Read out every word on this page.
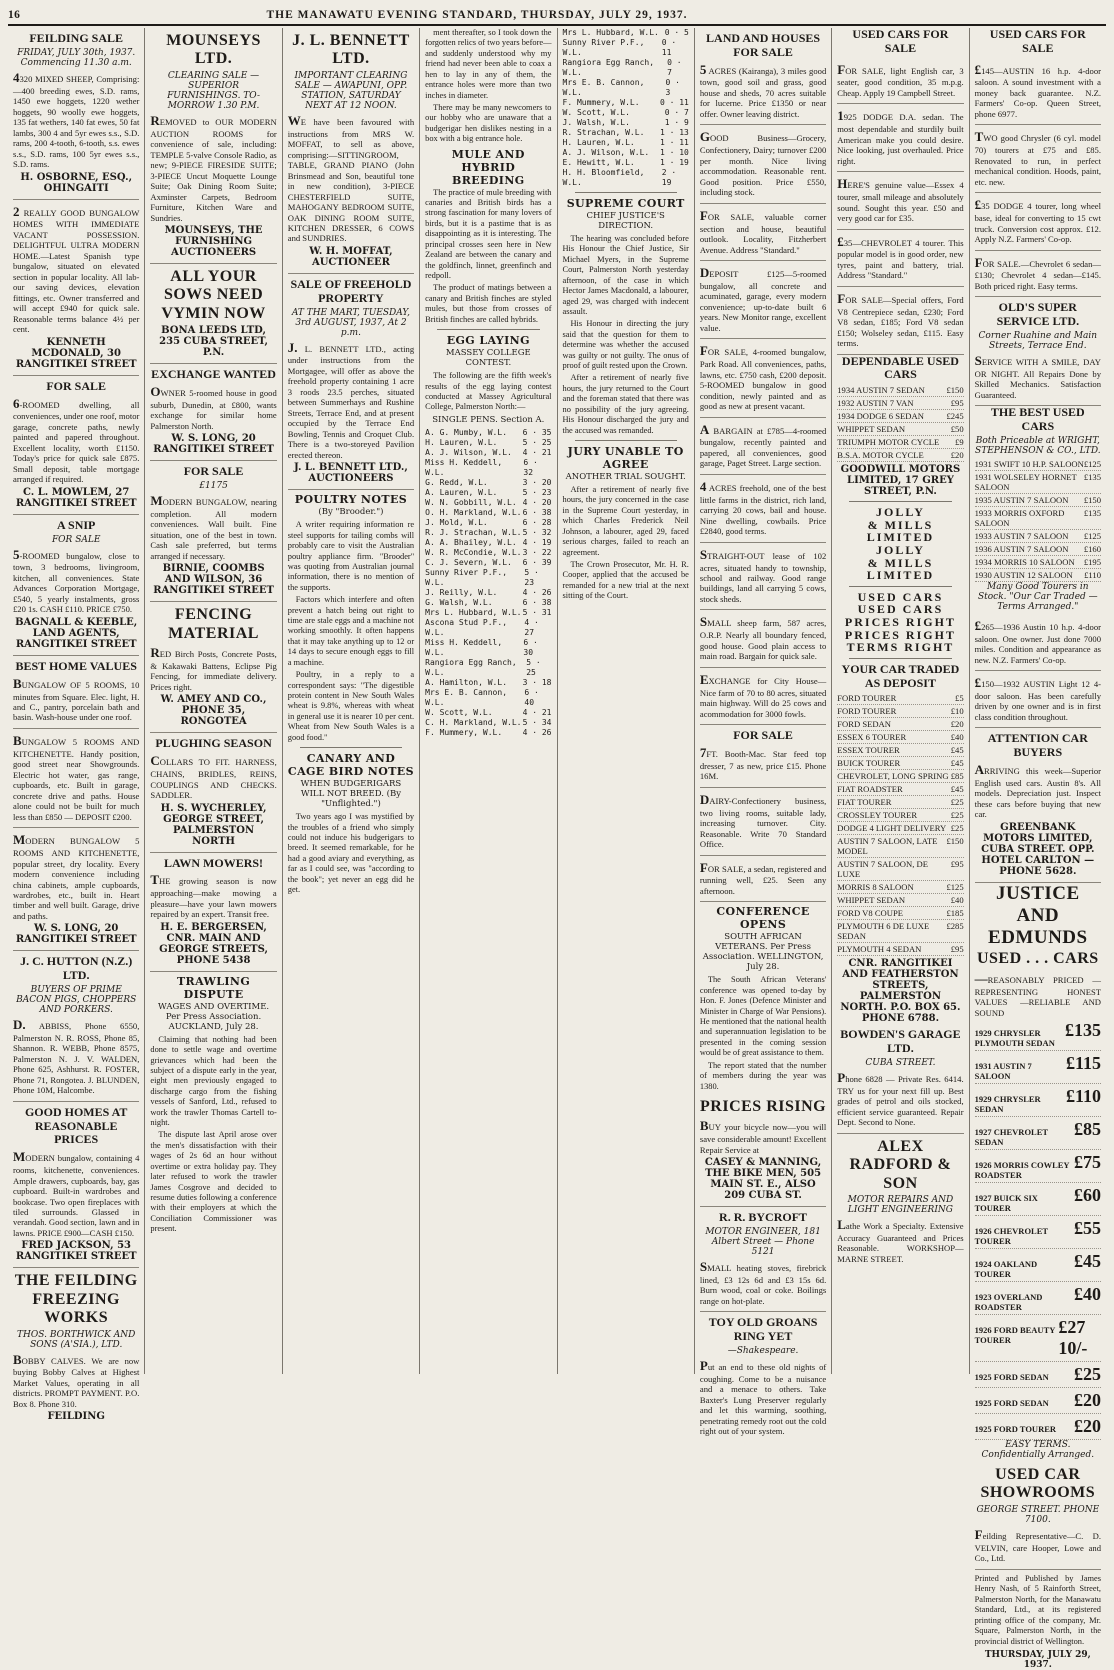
16	THE MANAWATU EVENING STANDARD, THURSDAY, JULY 29, 1937.
FEILDING SALE
FRIDAY, JULY 30th, 1937. Commencing 11.30 a.m.
4320 MIXED SHEEP, Comprising:—400 breeding ewes, S.D. rams, 1450 ewe hoggets, 1220 wether hoggets, 90 woolly ewe hoggets, 135 fat wethers, 140 fat ewes, 50 fat lambs, 300 4 and 5yr ewes s.s., S.D. rams, 200 4-tooth, 6-tooth, s.s. ewes s.s., S.D. rams, 100 5yr ewes s.s., S.D. rams.
H. OSBORNE, ESQ., OHINGAITI
2 REALLY GOOD BUNGALOW HOMES WITH IMMEDIATE VACANT POSSESSION. DELIGHTFUL ULTRA MODERN HOME.—Latest Spanish type bungalow, situated on elevated section in popular locality. All lab-our saving devices, elevation fittings, etc. Owner transferred and will accept £940 for quick sale. Reasonable terms balance 4½ per cent.
KENNETH MCDONALD, 30 RANGITIKEI STREET
FOR SALE
6-ROOMED dwelling, all conveniences, under one roof, motor garage, concrete paths, newly painted and papered throughout. Excellent locality, worth £1150. Today's price for quick sale £875. Small deposit, table mortgage arranged if required.
C. L. MOWLEM, 27 RANGITIKEI STREET
A SNIP
FOR SALE
5-ROOMED bungalow, close to town, 3 bedrooms, livingroom, kitchen, all conveniences. State Advances Corporation Mortgage, £540, 5 yearly instalments, gross £20 1s. CASH £110. PRICE £750.
BAGNALL & KEEBLE, LAND AGENTS, RANGITIKEI STREET
BEST HOME VALUES
BUNGALOW OF 5 ROOMS, 10 minutes from Square. Elec. light, H. and C., pantry, porcelain bath and basin. Wash-house under one roof.
BUNGALOW 5 ROOMS AND KITCHENETTE. Handy position, good street near Showgrounds. Electric hot water, gas range, cupboards, etc. Built in garage, concrete drive and paths. House alone could not be built for much less than £850 — DEPOSIT £200.
MODERN BUNGALOW 5 ROOMS AND KITCHENETTE, popular street, dry locality. Every modern convenience including china cabinets, ample cupboards, wardrobes, etc., built in. Heart timber and well built. Garage, drive and paths.
W. S. LONG, 20 RANGITIKEI STREET
J. C. HUTTON (N.Z.) LTD.
BUYERS OF PRIME BACON PIGS, CHOPPERS AND PORKERS.
D. ABBISS, Phone 6550, Palmerston N. R. ROSS, Phone 85, Shannon. R. WEBB, Phone 8575, Palmerston N. J. V. WALDEN, Phone 625, Ashhurst. R. FOSTER, Phone 71, Rongotea. J. BLUNDEN, Phone 10M, Halcombe.
GOOD HOMES AT REASONABLE PRICES
MODERN bungalow, containing 4 rooms, kitchenette, conveniences. Ample drawers, cupboards, bay, gas cupboard. Built-in wardrobes and bookcase. Two open fireplaces with tiled surrounds. Glassed in verandah. Good section, lawn and in lawns. PRICE £900—CASH £150.
FRED JACKSON, 53 RANGITIKEI STREET
THE FEILDING FREEZING WORKS
THOS. BORTHWICK AND SONS (A'SIA.), LTD.
BOBBY CALVES. We are now buying Bobby Calves at Highest Market Values, operating in all districts. PROMPT PAYMENT. P.O. Box 8. Phone 310.
FEILDING
MOUNSEYS LTD.
CLEARING SALE — SUPERIOR FURNISHINGS. TO-MORROW 1.30 P.M.
REMOVED to OUR MODERN AUCTION ROOMS for convenience of sale, including: TEMPLE 5-valve Console Radio, as new; 9-PIECE FIRESIDE SUITE; 3-PIECE Uncut Moquette Lounge Suite; Oak Dining Room Suite; Axminster Carpets, Bedroom Furniture, Kitchen Ware and Sundries.
MOUNSEYS, THE FURNISHING AUCTIONEERS
ALL YOUR SOWS NEED VYMIN NOW
BONA LEEDS LTD, 235 CUBA STREET, P.N.
EXCHANGE WANTED
OWNER 5-roomed house in good suburb, Dunedin, at £800, wants exchange for similar home Palmerston North.
W. S. LONG, 20 RANGITIKEI STREET
FOR SALE
£1175
MODERN BUNGALOW, nearing completion. All modern conveniences. Wall built. Fine situation, one of the best in town. Cash sale preferred, but terms arranged if necessary.
BIRNIE, COOMBS AND WILSON, 36 RANGITIKEI STREET
FENCING MATERIAL
RED Birch Posts, Concrete Posts, & Kakawaki Battens, Eclipse Pig Fencing, for immediate delivery. Prices right.
W. AMEY AND CO., PHONE 35, RONGOTEA
PLUGHING SEASON
COLLARS TO FIT. HARNESS, CHAINS, BRIDLES, REINS, COUPLINGS AND CHECKS. SADDLER.
H. S. WYCHERLEY, GEORGE STREET, PALMERSTON NORTH
LAWN MOWERS!
THE growing season is now approaching—make mowing a pleasure—have your lawn mowers repaired by an expert. Transit free.
H. E. BERGERSEN, CNR. MAIN AND GEORGE STREETS, PHONE 5438
TRAWLING DISPUTE
WAGES AND OVERTIME. Per Press Association. AUCKLAND, July 28.
Claiming that nothing had been done to settle wage and overtime grievances which had been the subject of a dispute early in the year, eight men previously engaged to discharge cargo from the fishing vessels of Sanford, Ltd., refused to work the trawler Thomas Cartell to-night.
The dispute last April arose over the men's dissatisfaction with their wages of 2s 6d an hour without overtime or extra holiday pay. They later refused to work the trawler James Cosgrove and decided to resume duties following a conference with their employers at which the Conciliation Commissioner was present.
J. L. BENNETT LTD.
IMPORTANT CLEARING SALE — AWAPUNI, OPP. STATION, SATURDAY NEXT AT 12 NOON.
WE have been favoured with instructions from MRS W. MOFFAT, to sell as above, comprising:—SITTINGROOM, TABLE, GRAND PIANO (John Brinsmead and Son, beautiful tone in new condition), 3-PIECE CHESTERFIELD SUITE, MAHOGANY BEDROOM SUITE, OAK DINING ROOM SUITE, KITCHEN DRESSER, 6 COWS and SUNDRIES.
W. H. MOFFAT, AUCTIONEER
SALE OF FREEHOLD PROPERTY
AT THE MART, TUESDAY, 3rd AUGUST, 1937, At 2 p.m.
J. L. BENNETT LTD., acting under instructions from the Mortgagee, will offer as above the freehold property containing 1 acre 3 roods 23.5 perches, situated between Summerhays and Rushine Streets, Terrace End, and at present occupied by the Terrace End Bowling, Tennis and Croquet Club. There is a two-storeyed Pavilion erected thereon.
J. L. BENNETT LTD., AUCTIONEERS
POULTRY NOTES
(By "Brooder.")
A writer requiring information re steel supports for tailing combs will probably care to visit the Australian poultry appliance firm. "Brooder" was quoting from Australian journal information, there is no mention of the supports.
Factors which interfere and often prevent a hatch being out right to time are stale eggs and a machine not working smoothly. It often happens that it may take anything up to 12 or 14 days to secure enough eggs to fill a machine.
Poultry, in a reply to a correspondent says: "The digestible protein content in New South Wales wheat is 9.8%, whereas with wheat in general use it is nearer 10 per cent. Wheat from New South Wales is a good food."
CANARY AND CAGE BIRD NOTES
WHEN BUDGERIGARS WILL NOT BREED. (By "Unflighted.")
Two years ago I was mystified by the troubles of a friend who simply could not induce his budgerigars to breed. It seemed remarkable, for he had a good aviary and everything, as far as I could see, was "according to the book"; yet never an egg did he get.
ment thereafter, so I took down the forgotten relics of two years before—and suddenly understood why my friend had never been able to coax a hen to lay in any of them, the entrance holes were more than two inches in diameter.
There may be many newcomers to our hobby who are unaware that a budgerigar hen dislikes nesting in a box with a big entrance hole.
MULE AND HYBRID BREEDING
The practice of mule breeding with canaries and British birds has a strong fascination for many lovers of birds, but it is a pastime that is as disappointing as it is interesting. The principal crosses seen here in New Zealand are between the canary and the goldfinch, linnet, greenfinch and redpoll.
The product of matings between a canary and British finches are styled mules, but those from crosses of British finches are called hybrids.
EGG LAYING
MASSEY COLLEGE CONTEST.
The following are the fifth week's results of the egg laying contest conducted at Massey Agricultural College, Palmerston North:—
SINGLE PENS. Section A.
A. G. Mumby, W.L. 6 · 35
H. Lauren, W.L.	5 · 25
A. J. Wilson, W.L. 4 · 21
Miss H. Keddell, W.L.
6 · 32
G. Redd, W.L.	3 · 20
A. Lauren, W.L.	5 · 23
W. N. Gobbill, W.L. 4 · 20
O. H. Markland, W.L. 6 · 38
J. Mold, W.L.	6 · 28
R. J. Strachan, W.L. 5 · 32
A. A. Bhailey, W.L. 4 · 19
W. R. McCondie, W.L. 3 · 22
C. J. Severn, W.L. 6 · 39
Sunny River P.F., W.L.
5 · 23
J. Reilly, W.L.	4 · 26
G. Walsh, W.L.	6 · 38
Mrs L. Hubbard, W.L. 5 · 31
Ascona Stud P.F., W.L.
4 · 27
Miss H. Keddell, W.L.
6 · 30
Rangiora Egg Ranch, W.L.
5 · 25
A. Hamilton, W.L. 3 · 18
Mrs E. B. Cannon, W.L.
6 · 40
W. Scott, W.L.	4 · 21
C. H. Markland, W.L. 5 · 34
F. Mummery, W.L.	4 · 26
Mrs L. Hubbard, W.L. 0 · 5
Sunny River P.F., W.L.
0 · 11
Rangiora Egg Ranch, W.L.
0 · 7
Mrs E. B. Cannon, W.L.
0 · 3
F. Mummery, W.L.	0 · 11
W. Scott, W.L.	0 · 7
J. Walsh, W.L.	1 · 9
R. Strachan, W.L. 1 · 13
H. Lauren, W.L.	1 · 11
A. J. Wilson, W.L. 1 · 10
E. Hewitt, W.L.	1 · 19
H. H. Bloomfield, W.L.
2 · 19
SUPREME COURT
CHIEF JUSTICE'S DIRECTION.
The hearing was concluded before His Honour the Chief Justice, Sir Michael Myers, in the Supreme Court, Palmerston North yesterday afternoon, of the case in which Hector James Macdonald, a labourer, aged 29, was charged with indecent assault.
His Honour in directing the jury said that the question for them to determine was whether the accused was guilty or not guilty. The onus of proof of guilt rested upon the Crown.
After a retirement of nearly five hours, the jury returned to the Court and the foreman stated that there was no possibility of the jury agreeing. His Honour discharged the jury and the accused was remanded.
JURY UNABLE TO AGREE
ANOTHER TRIAL SOUGHT.
After a retirement of nearly five hours, the jury concerned in the case in the Supreme Court yesterday, in which Charles Frederick Neil Johnson, a labourer, aged 29, faced serious charges, failed to reach an agreement.
The Crown Prosecutor, Mr. H. R. Cooper, applied that the accused be remanded for a new trial at the next sitting of the Court.
LAND AND HOUSES FOR SALE
5 ACRES (Kairanga), 3 miles good town, good soil and grass, good house and sheds, 70 acres suitable for lucerne. Price £1350 or near offer. Owner leaving district.
GOOD Business—Grocery, Confectionery, Dairy; turnover £200 per month. Nice living accommodation. Reasonable rent. Good position. Price £550, including stock.
FOR SALE, valuable corner section and house, beautiful outlook. Locality, Fitzherbert Avenue. Address "Standard."
DEPOSIT £125—5-roomed bungalow, all concrete and acuminated, garage, every modern convenience; up-to-date built 6 years. New Monitor range, excellent value.
FOR SALE, 4-roomed bungalow, Park Road. All conveniences, paths, lawns, etc. £750 cash, £200 deposit. 5-ROOMED bungalow in good condition, newly painted and as good as new at present vacant.
A BARGAIN at £785—4-roomed bungalow, recently painted and papered, all conveniences, good garage, Paget Street. Large section.
4 ACRES freehold, one of the best little farms in the district, rich land, carrying 20 cows, bail and house. Nine dwelling, cowbails. Price £2840, good terms.
STRAIGHT-OUT lease of 102 acres, situated handy to township, school and railway. Good range buildings, land all carrying 5 cows, stock sheds.
SMALL sheep farm, 587 acres, O.R.P. Nearly all boundary fenced, good house. Good plain access to main road. Bargain for quick sale.
EXCHANGE for City House—Nice farm of 70 to 80 acres, situated main highway. Will do 25 cows and acommodation for 3000 fowls.
FOR SALE
7FT. Booth-Mac. Star feed top dresser, 7 as new, price £15. Phone 16M.
DAIRY-Confectionery business, two living rooms, suitable lady, increasing turnover. City. Reasonable. Write 70 Standard Office.
FOR SALE, a sedan, registered and running well, £25. Seen any afternoon.
CONFERENCE OPENS
SOUTH AFRICAN VETERANS. Per Press Association. WELLINGTON, July 28.
The South African Veterans' conference was opened to-day by Hon. F. Jones (Defence Minister and Minister in Charge of War Pensions). He mentioned that the national health and superannuation legislation to be presented in the coming session would be of great assistance to them.
The report stated that the number of members during the year was 1380.
PRICES RISING
BUY your bicycle now—you will save considerable amount! Excellent Repair Service at
CASEY & MANNING, THE BIKE MEN, 505 MAIN ST. E., ALSO 209 CUBA ST.
R. R. BYCROFT
MOTOR ENGINEER, 181 Albert Street — Phone 5121
SMALL heating stoves, firebrick lined, £3 12s 6d and £3 15s 6d. Burn wood, coal or coke. Boilings range on hot-plate.
TOY OLD GROANS RING YET
—Shakespeare.
Put an end to these old nights of coughing. Come to be a nuisance and a menace to others. Take Baxter's Lung Preserver regularly and let this warming, soothing, penetrating remedy root out the cold right out of your system.
USED CARS FOR SALE
FOR SALE, light English car, 3 seater, good condition, 35 m.p.g. Cheap. Apply 19 Campbell Street.
1925 DODGE D.A. sedan. The most dependable and sturdily built American make you could desire. Nice looking, just overhauled. Price right.
HERE'S genuine value—Essex 4 tourer, small mileage and absolutely sound. Sought this year. £50 and very good car for £35.
£35—CHEVROLET 4 tourer. This popular model is in good order, new tyres, paint and battery, trial. Address "Standard."
FOR SALE—Special offers, Ford V8 Centrepiece sedan, £230; Ford V8 sedan, £185; Ford V8 sedan £150; Wolseley sedan, £115. Easy terms.
DEPENDABLE USED CARS
1934 AUSTIN 7 SEDAN	£150
1932 AUSTIN 7 VAN	£95
1934 DODGE 6 SEDAN	£245
WHIPPET SEDAN	£50
TRIUMPH MOTOR CYCLE £9
B.S.A. MOTOR CYCLE	£20
GOODWILL MOTORS LIMITED, 17 GREY STREET, P.N.
JOLLY
& MILLS
LIMITED
JOLLY
& MILLS
LIMITED
USED CARS
USED CARS
PRICES RIGHT
PRICES RIGHT
TERMS RIGHT
YOUR CAR TRADED AS DEPOSIT
FORD TOURER	£5
FORD TOURER	£10
FORD SEDAN	£20
ESSEX 6 TOURER	£40
ESSEX TOURER	£45
BUICK TOURER	£45
CHEVROLET, LONG SPRING £85
FIAT ROADSTER	£45
FIAT TOURER	£25
CROSSLEY TOURER	£25
DODGE 4 LIGHT DELIVERY £25
AUSTIN 7 SALOON, LATE MODEL
£150
AUSTIN 7 SALOON, DE LUXE
£95
MORRIS 8 SALOON	£125
WHIPPET SEDAN	£40
FORD V8 COUPE	£185
PLYMOUTH 6 DE LUXE SEDAN
£285
PLYMOUTH 4 SEDAN	£95
CNR. RANGITIKEI AND FEATHERSTON STREETS, PALMERSTON NORTH. P.O. BOX 65. PHONE 6788.
BOWDEN'S GARAGE LTD.
CUBA STREET.
Phone 6828 — Private Res. 6414. TRY us for your next fill up. Best grades of petrol and oils stocked, efficient service guaranteed. Repair Dept. Second to None.
ALEX RADFORD & SON
MOTOR REPAIRS AND LIGHT ENGINEERING
Lathe Work a Specialty. Extensive Accuracy Guaranteed and Prices Reasonable. WORKSHOP—MARNE STREET.
USED CARS FOR SALE
£145—AUSTIN 16 h.p. 4-door saloon. A sound investment with a money back guarantee. N.Z. Farmers' Co-op. Queen Street, phone 6977.
TWO good Chrysler (6 cyl. model 70) tourers at £75 and £85. Renovated to run, in perfect mechanical condition. Hoods, paint, etc. new.
£35 DODGE 4 tourer, long wheel base, ideal for converting to 15 cwt truck. Conversion cost approx. £12. Apply N.Z. Farmers' Co-op.
FOR SALE.—Chevrolet 6 sedan—£130; Chevrolet 4 sedan—£145. Both priced right. Easy terms.
OLD'S SUPER SERVICE LTD.
Corner Ruahine and Main Streets, Terrace End.
SERVICE WITH A SMILE, DAY OR NIGHT. All Repairs Done by Skilled Mechanics. Satisfaction Guaranteed.
THE BEST USED CARS
Both Priceable at WRIGHT, STEPHENSON & CO., LTD.
1931 SWIFT 10 H.P. SALOON £125
1931 WOLSELEY HORNET SALOON
£135
1935 AUSTIN 7 SALOON £150
1933 MORRIS OXFORD SALOON
£135
1933 AUSTIN 7 SALOON £125
1936 AUSTIN 7 SALOON £160
1934 MORRIS 10 SALOON £195
1930 AUSTIN 12 SALOON £110
Many Good Tourers in Stock. "Our Car Traded — Terms Arranged."
£265—1936 Austin 10 h.p. 4-door saloon. One owner. Just done 7000 miles. Condition and appearance as new. N.Z. Farmers' Co-op.
£150—1932 AUSTIN Light 12 4-door saloon. Has been carefully driven by one owner and is in first class condition throughout.
ATTENTION CAR BUYERS
ARRIVING this week—Superior English used cars. Austin 8's. All models. Depreciation just. Inspect these cars before buying that new car.
GREENBANK MOTORS LIMITED, CUBA STREET. OPP. HOTEL CARLTON — PHONE 5628.
JUSTICE AND EDMUNDS
USED . . . CARS
—REASONABLY PRICED —REPRESENTING HONEST VALUES —RELIABLE AND SOUND
1929 CHRYSLER PLYMOUTH SEDAN
£135
1931 AUSTIN 7 SALOON
£115
1929 CHRYSLER SEDAN
£110
1927 CHEVROLET SEDAN
£85
1926 MORRIS COWLEY ROADSTER
£75
1927 BUICK SIX TOURER
£60
1926 CHEVROLET TOURER
£55
1924 OAKLAND TOURER
£45
1923 OVERLAND ROADSTER
£40
1926 FORD BEAUTY TOURER
£27 10/-
1925 FORD SEDAN £25
1925 FORD SEDAN £20
1925 FORD TOURER £20
EASY TERMS. Confidentially Arranged.
USED CAR SHOWROOMS
GEORGE STREET. PHONE 7100.
Feilding Representative—C. D. VELVIN, care Hooper, Lowe and Co., Ltd.
Printed and Published by James Henry Nash, of 5 Rainforth Street, Palmerston North, for the Manawatu Standard, Ltd., at its registered printing office of the company, Mr. Square, Palmerston North, in the provincial district of Wellington.
THURSDAY, JULY 29, 1937.
